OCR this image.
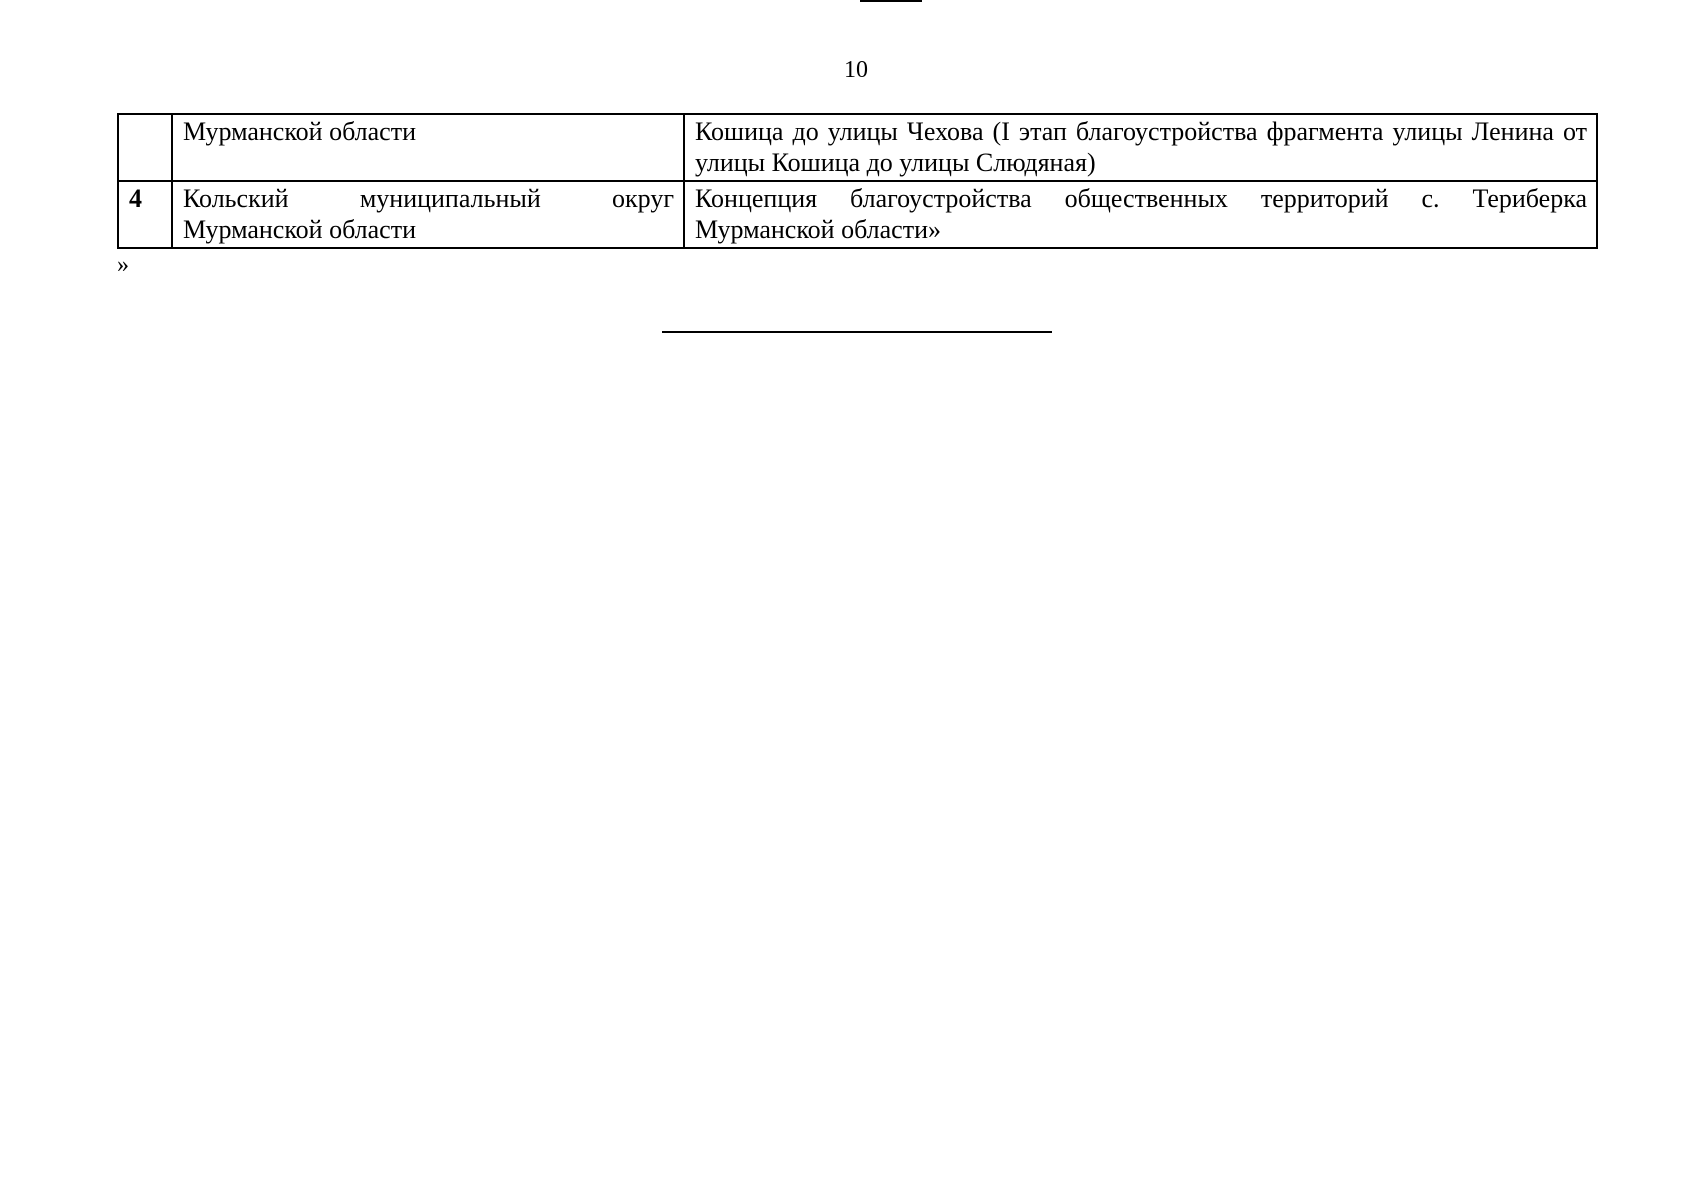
10
	Мурманской области	Кошица до улицы Чехова (I этап благоустройства фрагмента улицы Ленина от улицы Кошица до улицы Слюдяная)
4	Кольский муниципальный округ Мурманской области	Концепция благоустройства общественных территорий с. Териберка Мурманской области»
»
